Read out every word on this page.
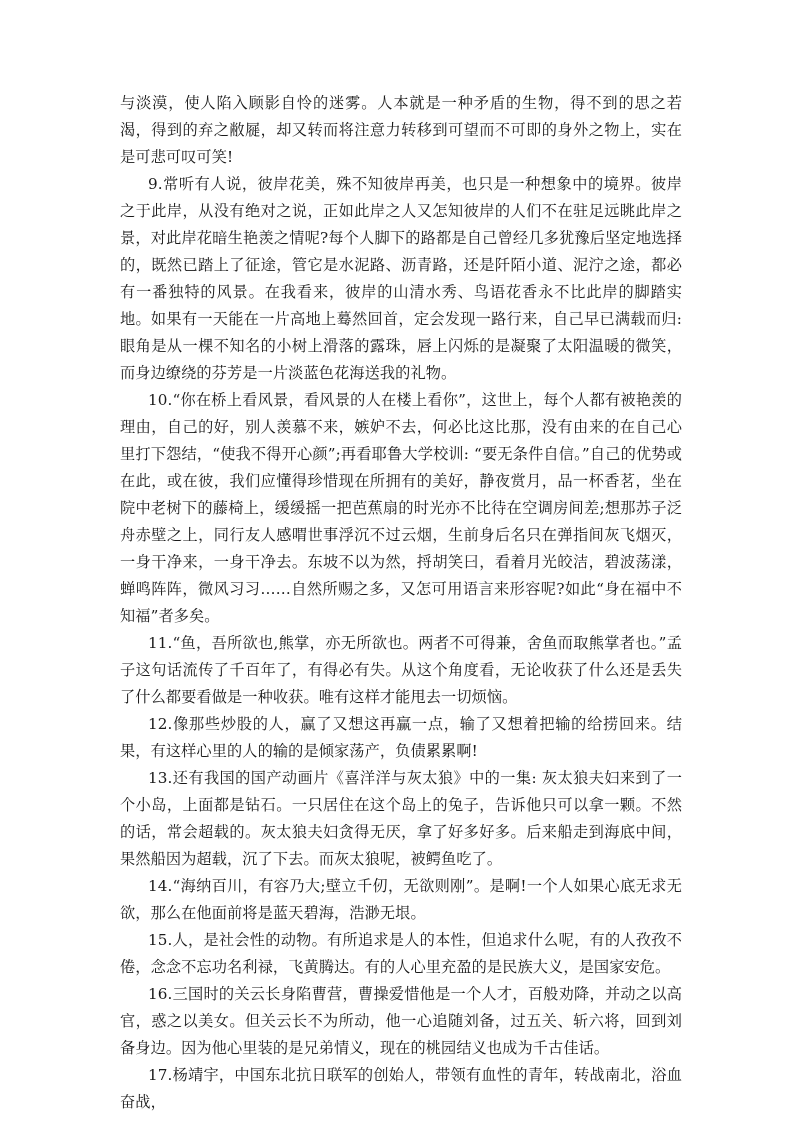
与淡漠，使人陷入顾影自怜的迷雾。人本就是一种矛盾的生物，得不到的思之若渴，得到的弃之敝屣，却又转而将注意力转移到可望而不可即的身外之物上，实在是可悲可叹可笑!

9.常听有人说，彼岸花美，殊不知彼岸再美，也只是一种想象中的境界。彼岸之于此岸，从没有绝对之说，正如此岸之人又怎知彼岸的人们不在驻足远眺此岸之景，对此岸花暗生艳羡之情呢?每个人脚下的路都是自己曾经几多犹豫后坚定地选择的，既然已踏上了征途，管它是水泥路、沥青路，还是阡陌小道、泥泞之途，都必有一番独特的风景。在我看来，彼岸的山清水秀、鸟语花香永不比此岸的脚踏实地。如果有一天能在一片高地上蓦然回首，定会发现一路行来，自己早已满载而归: 眼角是从一棵不知名的小树上滑落的露珠，唇上闪烁的是凝聚了太阳温暖的微笑，而身边缭绕的芬芳是一片淡蓝色花海送我的礼物。

10.“你在桥上看风景，看风景的人在楼上看你”，这世上，每个人都有被艳羡的理由，自己的好，别人羡慕不来，嫉妒不去，何必比这比那，没有由来的在自己心里打下怨结，“使我不得开心颜”;再看耶鲁大学校训: “要无条件自信。”自己的优势或在此，或在彼，我们应懂得珍惜现在所拥有的美好，静夜赏月，品一杯香茗，坐在院中老树下的藤椅上，缓缓摇一把芭蕉扇的时光亦不比待在空调房间差;想那苏子泛舟赤壁之上，同行友人感喟世事浮沉不过云烟，生前身后名只在弹指间灰飞烟灭，一身干净来，一身干净去。东坡不以为然，捋胡笑曰，看着月光皎洁，碧波荡漾，蝉鸣阵阵，微风习习……自然所赐之多，又怎可用语言来形容呢?如此“身在福中不知福”者多矣。

11.“鱼，吾所欲也,熊掌，亦无所欲也。两者不可得兼，舍鱼而取熊掌者也。”孟子这句话流传了千百年了，有得必有失。从这个角度看，无论收获了什么还是丢失了什么都要看做是一种收获。唯有这样才能甩去一切烦恼。

12.像那些炒股的人，赢了又想这再赢一点，输了又想着把输的给捞回来。结果，有这样心里的人的输的是倾家荡产，负债累累啊!

13.还有我国的国产动画片《喜洋洋与灰太狼》中的一集: 灰太狼夫妇来到了一个小岛，上面都是钻石。一只居住在这个岛上的兔子，告诉他只可以拿一颗。不然的话，常会超载的。灰太狼夫妇贪得无厌，拿了好多好多。后来船走到海底中间，果然船因为超载，沉了下去。而灰太狼呢，被鳄鱼吃了。

14.“海纳百川，有容乃大;壁立千仞，无欲则刚”。是啊!一个人如果心底无求无欲，那么在他面前将是蓝天碧海，浩渺无垠。

15.人，是社会性的动物。有所追求是人的本性，但追求什么呢，有的人孜孜不倦，念念不忘功名利禄，飞黄腾达。有的人心里充盈的是民族大义，是国家安危。

16.三国时的关云长身陷曹营，曹操爱惜他是一个人才，百般劝降，并动之以高官，惑之以美女。但关云长不为所动，他一心追随刘备，过五关、斩六将，回到刘备身边。因为他心里装的是兄弟情义，现在的桃园结义也成为千古佳话。

17.杨靖宇，中国东北抗日联军的创始人，带领有血性的青年，转战南北，浴血奋战，
